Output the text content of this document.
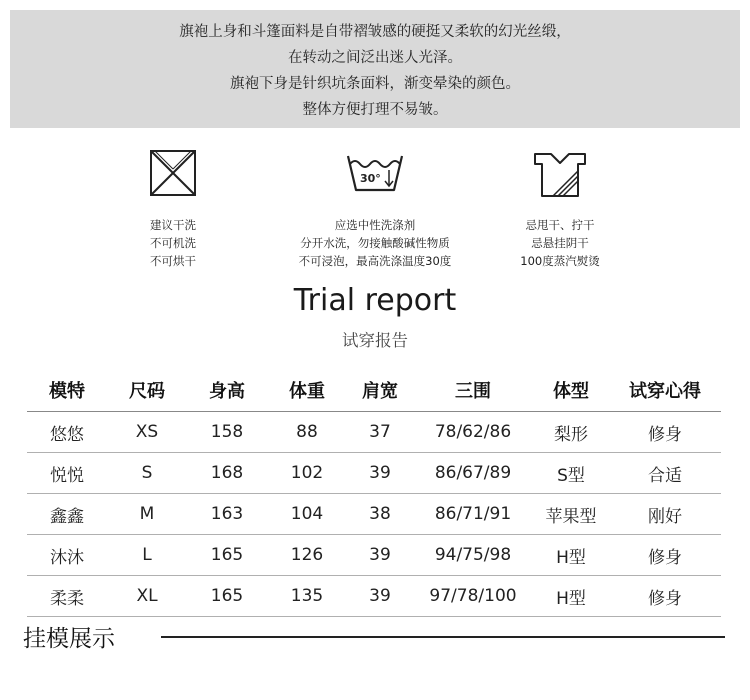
旗袍上身和斗篷面料是自带褶皱感的硬挺又柔软的幻光丝缎，

在转动之间泛出迷人光泽。

旗袍下身是针织坑条面料，渐变晕染的颜色。

整体方便打理不易皱。

建议干洗
不可机洗
不可烘干
30°
应选中性洗涤剂
分开水洗，勿接触酸碱性物质
不可浸泡，最高洗涤温度30度
忌甩干、拧干
忌悬挂阴干
100度蒸汽熨烫
Trial report
试穿报告
模特	尺码	身高	体重	肩宽	三围	体型	试穿心得
悠悠	XS	158	88	37	78/62/86	梨形	修身
悦悦	S	168	102	39	86/67/89	S型	合适
鑫鑫	M	163	104	38	86/71/91	苹果型	刚好
沐沐	L	165	126	39	94/75/98	H型	修身
柔柔	XL	165	135	39	97/78/100	H型	修身
挂模展示
